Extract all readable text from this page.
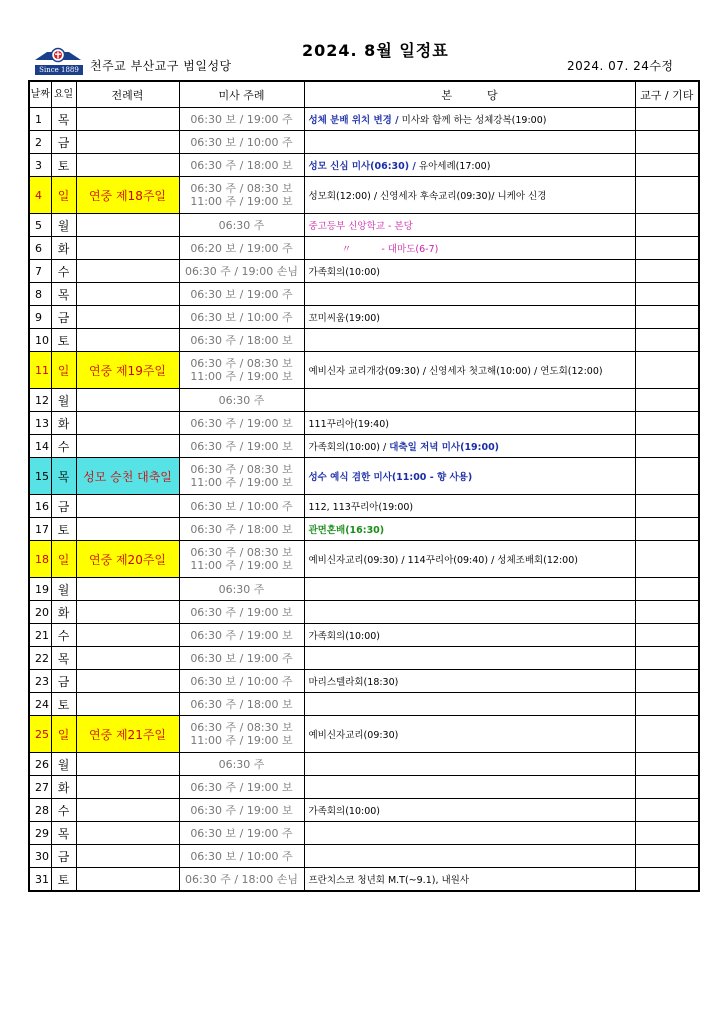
Since 1889 천주교 부산교구 범일성당
2024. 8월 일정표
2024. 07. 24수정
날짜	요일	전례력	미사 주례	본          당	교구 / 기타
1	목		06:30 보 / 19:00 주	성체 분배 위치 변경 / 미사와 함께 하는 성체강복(19:00)	
2	금		06:30 보 / 10:00 주		

3	토		06:30 주 / 18:00 보	성모 신심 미사(06:30) / 유아세례(17:00)	
4	일	연중 제18주일	06:30 주 / 08:30 보
11:00 주 / 19:00 보	성모회(12:00) / 신영세자 후속교리(09:30)/ 니케아 신경	
5	월		06:30 주	중고등부 신앙학교 - 본당	
6	화		06:20 보 / 19:00 주	〃          - 대마도(6-7)	
7	수		06:30 주 / 19:00 손님	가족회의(10:00)	
8	목		06:30 보 / 19:00 주		

9	금		06:30 보 / 10:00 주	꼬미씨움(19:00)	
10	토		06:30 주 / 18:00 보		

11	일	연중 제19주일	06:30 주 / 08:30 보
11:00 주 / 19:00 보	예비신자 교리개강(09:30) / 신영세자 첫고해(10:00) / 연도회(12:00)	
12	월		06:30 주		

13	화		06:30 주 / 19:00 보	111꾸리아(19:40)	
14	수		06:30 주 / 19:00 보	가족회의(10:00) / 대축일 저녁 미사(19:00)	
15	목	성모 승천 대축일	06:30 주 / 08:30 보
11:00 주 / 19:00 보	성수 예식 겸한 미사(11:00 - 향 사용)	
16	금		06:30 보 / 10:00 주	112, 113꾸리아(19:00)	
17	토		06:30 주 / 18:00 보	관면혼배(16:30)	
18	일	연중 제20주일	06:30 주 / 08:30 보
11:00 주 / 19:00 보	예비신자교리(09:30) / 114꾸리아(09:40) / 성체조배회(12:00)	
19	월		06:30 주		

20	화		06:30 주 / 19:00 보		

21	수		06:30 주 / 19:00 보	가족회의(10:00)	
22	목		06:30 보 / 19:00 주		

23	금		06:30 보 / 10:00 주	마리스텔라회(18:30)	
24	토		06:30 주 / 18:00 보		

25	일	연중 제21주일	06:30 주 / 08:30 보
11:00 주 / 19:00 보	예비신자교리(09:30)	
26	월		06:30 주		

27	화		06:30 주 / 19:00 보		

28	수		06:30 주 / 19:00 보	가족회의(10:00)	
29	목		06:30 보 / 19:00 주		

30	금		06:30 보 / 10:00 주		

31	토		06:30 주 / 18:00 손님	프란치스코 청년회 M.T(~9.1), 내원사	
